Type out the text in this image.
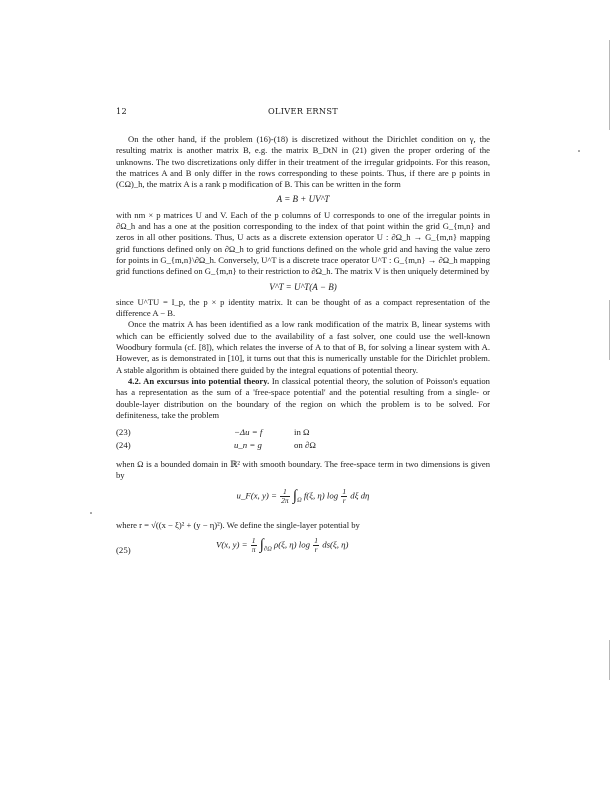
12	OLIVER ERNST

On the other hand, if the problem (16)-(18) is discretized without the Dirichlet condition on γ, the resulting matrix is another matrix B, e.g. the matrix B_DtN in (21) given the proper ordering of the unknowns. The two discretizations only differ in their treatment of the irregular gridpoints. For this reason, the matrices A and B only differ in the rows corresponding to these points. Thus, if there are p points in (CΩ)_h, the matrix A is a rank p modification of B. This can be written in the form

A = B + UV^T

with nm × p matrices U and V. Each of the p columns of U corresponds to one of the irregular points in ∂Ω_h and has a one at the position corresponding to the index of that point within the grid G_{m,n} and zeros in all other positions. Thus, U acts as a discrete extension operator U : ∂Ω_h → G_{m,n} mapping grid functions defined only on ∂Ω_h to grid functions defined on the whole grid and having the value zero for points in G_{m,n}\∂Ω_h. Conversely, U^T is a discrete trace operator U^T : G_{m,n} → ∂Ω_h mapping grid functions defined on G_{m,n} to their restriction to ∂Ω_h. The matrix V is then uniquely determined by

V^T = U^T(A − B)

since U^TU = I_p, the p × p identity matrix. It can be thought of as a compact representation of the difference A − B.

Once the matrix A has been identified as a low rank modification of the matrix B, linear systems with which can be efficiently solved due to the availability of a fast solver, one could use the well-known Woodbury formula (cf. [8]), which relates the inverse of A to that of B, for solving a linear system with A. However, as is demonstrated in [10], it turns out that this is numerically unstable for the Dirichlet problem. A stable algorithm is obtained there guided by the integral equations of potential theory.

4.2. An excursus into potential theory. In classical potential theory, the solution of Poisson's equation has a representation as the sum of a 'free-space potential' and the potential resulting from a single- or double-layer distribution on the boundary of the region on which the problem is to be solved. For definiteness, take the problem

(23)	−Δu = f	in Ω
(24)	u_n = g	on ∂Ω

when Ω is a bounded domain in ℝ² with smooth boundary. The free-space term in two dimensions is given by

u_F(x, $y) = \frac{1}{2\pi} \int_\Omega$ f(ξ, η) $\log \frac{1}{r}$ dξ dη

where r = √((x − ξ)² + (y − η)²). We define the single-layer potential by

(25)
V(x, $y) = \frac{1}{\pi} \int_{\partial\Omega}$ ρ(ξ, η) $\log \frac{1}{r} ds(\xi$, η)
